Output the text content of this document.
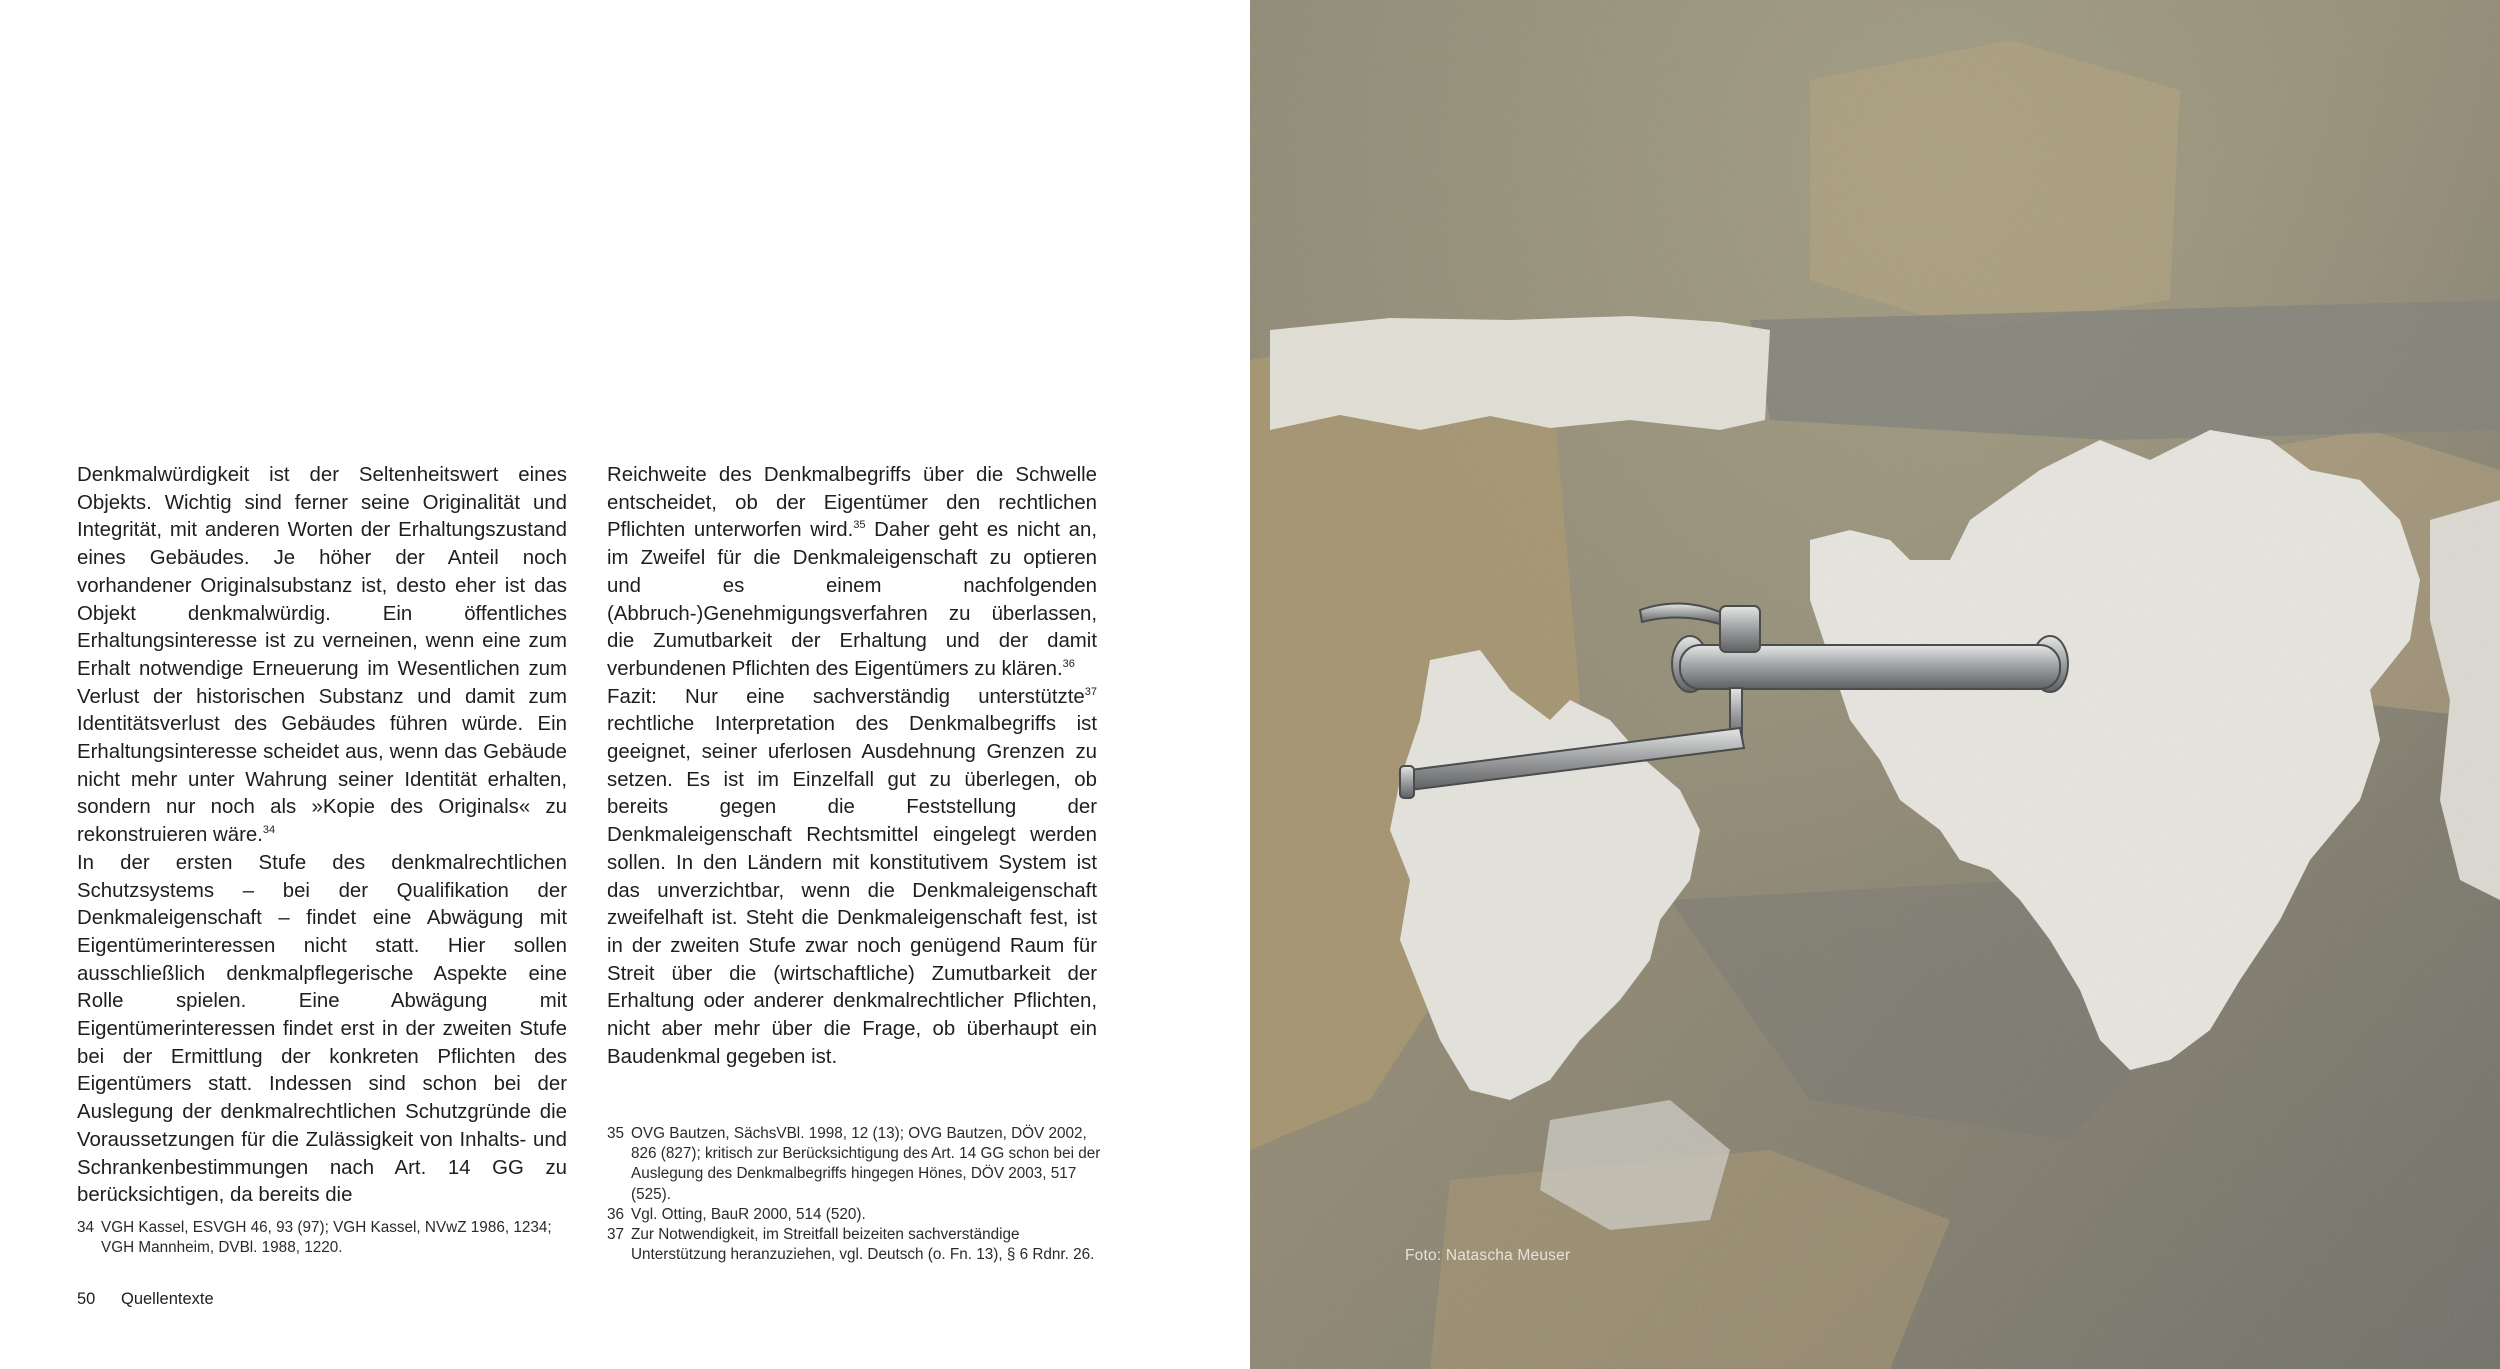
Denkmalwürdigkeit ist der Seltenheitswert eines Objekts. Wichtig sind ferner seine Originalität und Integrität, mit anderen Worten der Erhaltungszustand eines Gebäudes. Je höher der Anteil noch vorhandener Originalsubstanz ist, desto eher ist das Objekt denkmalwürdig. Ein öffentliches Erhaltungsinteresse ist zu verneinen, wenn eine zum Erhalt notwendige Erneuerung im Wesentlichen zum Verlust der historischen Substanz und damit zum Identitätsverlust des Gebäudes führen würde. Ein Erhaltungsinteresse scheidet aus, wenn das Gebäude nicht mehr unter Wahrung seiner Identität erhalten, sondern nur noch als »Kopie des Originals« zu rekonstruieren wäre.$^{34}$

In der ersten Stufe des denkmalrechtlichen Schutzsystems – bei der Qualifikation der Denkmaleigenschaft – findet eine Abwägung mit Eigentümerinteressen nicht statt. Hier sollen ausschließlich denkmalpflegerische Aspekte eine Rolle spielen. Eine Abwägung mit Eigentümerinteressen findet erst in der zweiten Stufe bei der Ermittlung der konkreten Pflichten des Eigentümers statt. Indessen sind schon bei der Auslegung der denkmalrechtlichen Schutzgründe die Voraussetzungen für die Zulässigkeit von Inhalts- und Schrankenbestimmungen nach Art. 14 GG zu berücksichtigen, da bereits die

Reichweite des Denkmalbegriffs über die Schwelle entscheidet, ob der Eigentümer den rechtlichen Pflichten unterworfen wird.$^{35}$ Daher geht es nicht an, im Zweifel für die Denkmaleigenschaft zu optieren und es einem nachfolgenden (Abbruch-)Genehmigungsverfahren zu überlassen, die Zumutbarkeit der Erhaltung und der damit verbundenen Pflichten des Eigentümers zu klären.$^{36}$

Fazit: Nur eine sachverständig unterstützte$^{37}$ rechtliche Interpretation des Denkmalbegriffs ist geeignet, seiner uferlosen Ausdehnung Grenzen zu setzen. Es ist im Einzelfall gut zu überlegen, ob bereits gegen die Feststellung der Denkmaleigenschaft Rechtsmittel eingelegt werden sollen. In den Ländern mit konstitutivem System ist das unverzichtbar, wenn die Denkmaleigenschaft zweifelhaft ist. Steht die Denkmaleigenschaft fest, ist in der zweiten Stufe zwar noch genügend Raum für Streit über die (wirtschaftliche) Zumutbarkeit der Erhaltung oder anderer denkmalrechtlicher Pflichten, nicht aber mehr über die Frage, ob überhaupt ein Baudenkmal gegeben ist.

34 VGH Kassel, ESVGH 46, 93 (97); VGH Kassel, NVwZ 1986, 1234; VGH Mannheim, DVBl. 1988, 1220.
35 OVG Bautzen, SächsVBl. 1998, 12 (13); OVG Bautzen, DÖV 2002, 826 (827); kritisch zur Berücksichtigung des Art. 14 GG schon bei der Auslegung des Denkmalbegriffs hingegen Hönes, DÖV 2003, 517 (525).
36 Vgl. Otting, BauR 2000, 514 (520).
37 Zur Notwendigkeit, im Streitfall beizeiten sachverständige Unterstützung heranzuziehen, vgl. Deutsch (o. Fn. 13), § 6 Rdnr. 26.
50 Quellentexte
Foto: Natascha Meuser
